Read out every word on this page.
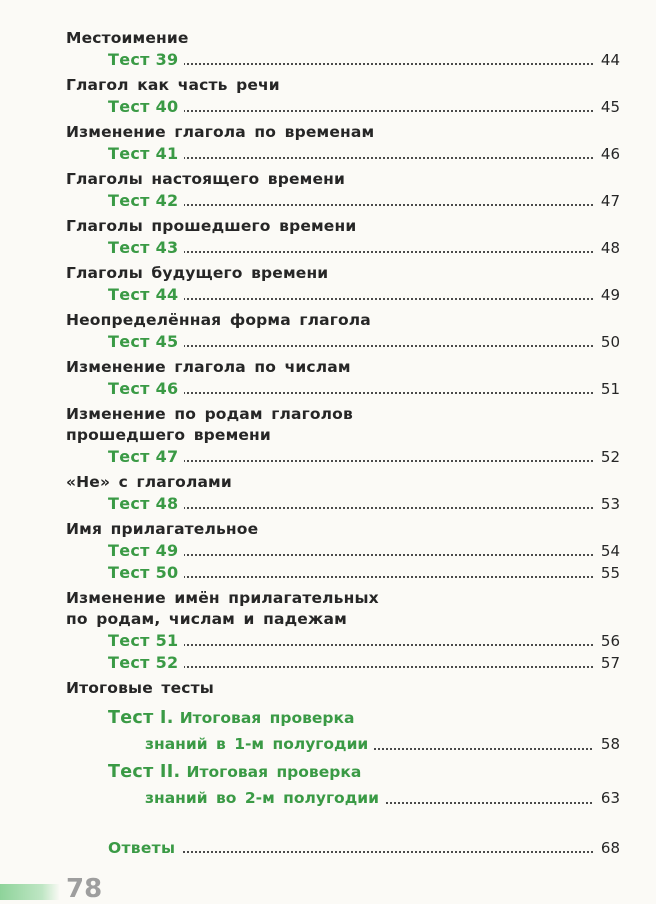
Местоимение
Тест 39	44
Глагол как часть речи
Тест 40	45
Изменение глагола по временам
Тест 41	46
Глаголы настоящего времени
Тест 42	47
Глаголы прошедшего времени
Тест 43	48
Глаголы будущего времени
Тест 44	49
Неопределённая форма глагола
Тест 45	50
Изменение глагола по числам
Тест 46	51
Изменение по родам глаголов
прошедшего времени
Тест 47	52
«Не» с глаголами
Тест 48	53
Имя прилагательное
Тест 49	54
Тест 50	55
Изменение имён прилагательных
по родам, числам и падежам
Тест 51	56
Тест 52	57
Итоговые тесты
Тест I. Итоговая проверка
знаний в 1-м полугодии	58
Тест II. Итоговая проверка
знаний во 2-м полугодии	63
Ответы	68
78
